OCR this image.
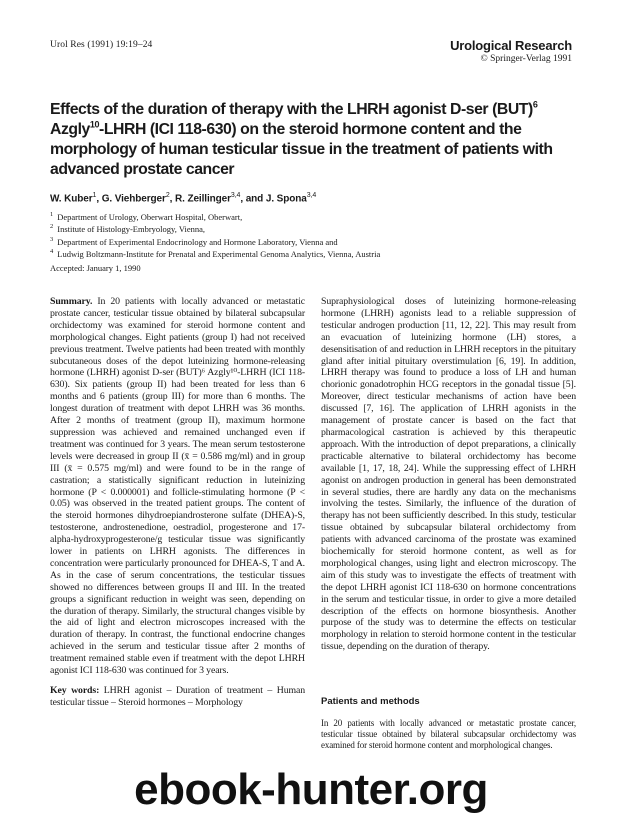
Urol Res (1991) 19:19–24	Urological Research
© Springer-Verlag 1991
Effects of the duration of therapy with the LHRH agonist D-ser (BUT)$^6$ Azgly$^{10}$-LHRH (ICI 118-630) on the steroid hormone content and the morphology of human testicular tissue in the treatment of patients with advanced prostate cancer
W. Kuber$^1$, G. Viehberger$^2$, R. Zeillinger$^{3,4}$, and J. Spona$^{3,4}$
$^1$ Department of Urology, Oberwart Hospital, Oberwart,
$^2$ Institute of Histology-Embryology, Vienna,
$^3$ Department of Experimental Endocrinology and Hormone Laboratory, Vienna and
$^4$ Ludwig Boltzmann-Institute for Prenatal and Experimental Genoma Analytics, Vienna, Austria
Accepted: January 1, 1990

Summary. In 20 patients with locally advanced or metastatic prostate cancer, testicular tissue obtained by bilateral subcapsular orchidectomy was examined for steroid hormone content and morphological changes. Eight patients (group I) had not received previous treatment. Twelve patients had been treated with monthly subcutaneous doses of the depot luteinizing hormone-releasing hormone (LHRH) agonist D-ser (BUT)⁶ Azgly¹⁰-LHRH (ICI 118-630). Six patients (group II) had been treated for less than 6 months and 6 patients (group III) for more than 6 months. The longest duration of treatment with depot LHRH was 36 months. After 2 months of treatment (group II), maximum hormone suppression was achieved and remained unchanged even if treatment was continued for 3 years. The mean serum testosterone levels were decreased in group II (x̄ = 0.586 mg/ml) and in group III (x̄ = 0.575 mg/ml) and were found to be in the range of castration; a statistically significant reduction in luteinizing hormone (P < 0.000001) and follicle-stimulating hormone (P < 0.05) was observed in the treated patient groups. The content of the steroid hormones dihydroepiandrosterone sulfate (DHEA)-S, testosterone, androstenedione, oestradiol, progesterone and 17-alpha-hydroxyprogesterone/g testicular tissue was significantly lower in patients on LHRH agonists. The differences in concentration were particularly pronounced for DHEA-S, T and A. As in the case of serum concentrations, the testicular tissues showed no differences between groups II and III. In the treated groups a significant reduction in weight was seen, depending on the duration of therapy. Similarly, the structural changes visible by the aid of light and electron microscopes increased with the duration of therapy. In contrast, the functional endocrine changes achieved in the serum and testicular tissue after 2 months of treatment remained stable even if treatment with the depot LHRH agonist ICI 118-630 was continued for 3 years.

Key words: LHRH agonist – Duration of treatment – Human testicular tissue – Steroid hormones – Morphology

Supraphysiological doses of luteinizing hormone-releasing hormone (LHRH) agonists lead to a reliable suppression of testicular androgen production [11, 12, 22]. This may result from an evacuation of luteinizing hormone (LH) stores, a desensitisation of and reduction in LHRH receptors in the pituitary gland after initial pituitary overstimulation [6, 19]. In addition, LHRH therapy was found to produce a loss of LH and human chorionic gonadotrophin HCG receptors in the gonadal tissue [5]. Moreover, direct testicular mechanisms of action have been discussed [7, 16]. The application of LHRH agonists in the management of prostate cancer is based on the fact that pharmacological castration is achieved by this therapeutic approach. With the introduction of depot preparations, a clinically practicable alternative to bilateral orchidectomy has become available [1, 17, 18, 24]. While the suppressing effect of LHRH agonist on androgen production in general has been demonstrated in several studies, there are hardly any data on the mechanisms involving the testes. Similarly, the influence of the duration of therapy has not been sufficiently described. In this study, testicular tissue obtained by subcapsular bilateral orchidectomy from patients with advanced carcinoma of the prostate was examined biochemically for steroid hormone content, as well as for morphological changes, using light and electron microscopy. The aim of this study was to investigate the effects of treatment with the depot LHRH agonist ICI 118-630 on hormone concentrations in the serum and testicular tissue, in order to give a more detailed description of the effects on hormone biosynthesis. Another purpose of the study was to determine the effects on testicular morphology in relation to steroid hormone content in the testicular tissue, depending on the duration of therapy.

Patients and methods
In 20 patients with locally advanced or metastatic prostate cancer, testicular tissue obtained by bilateral subcapsular orchidectomy was examined for steroid hormone content and morphological changes.
ebook-hunter.org
